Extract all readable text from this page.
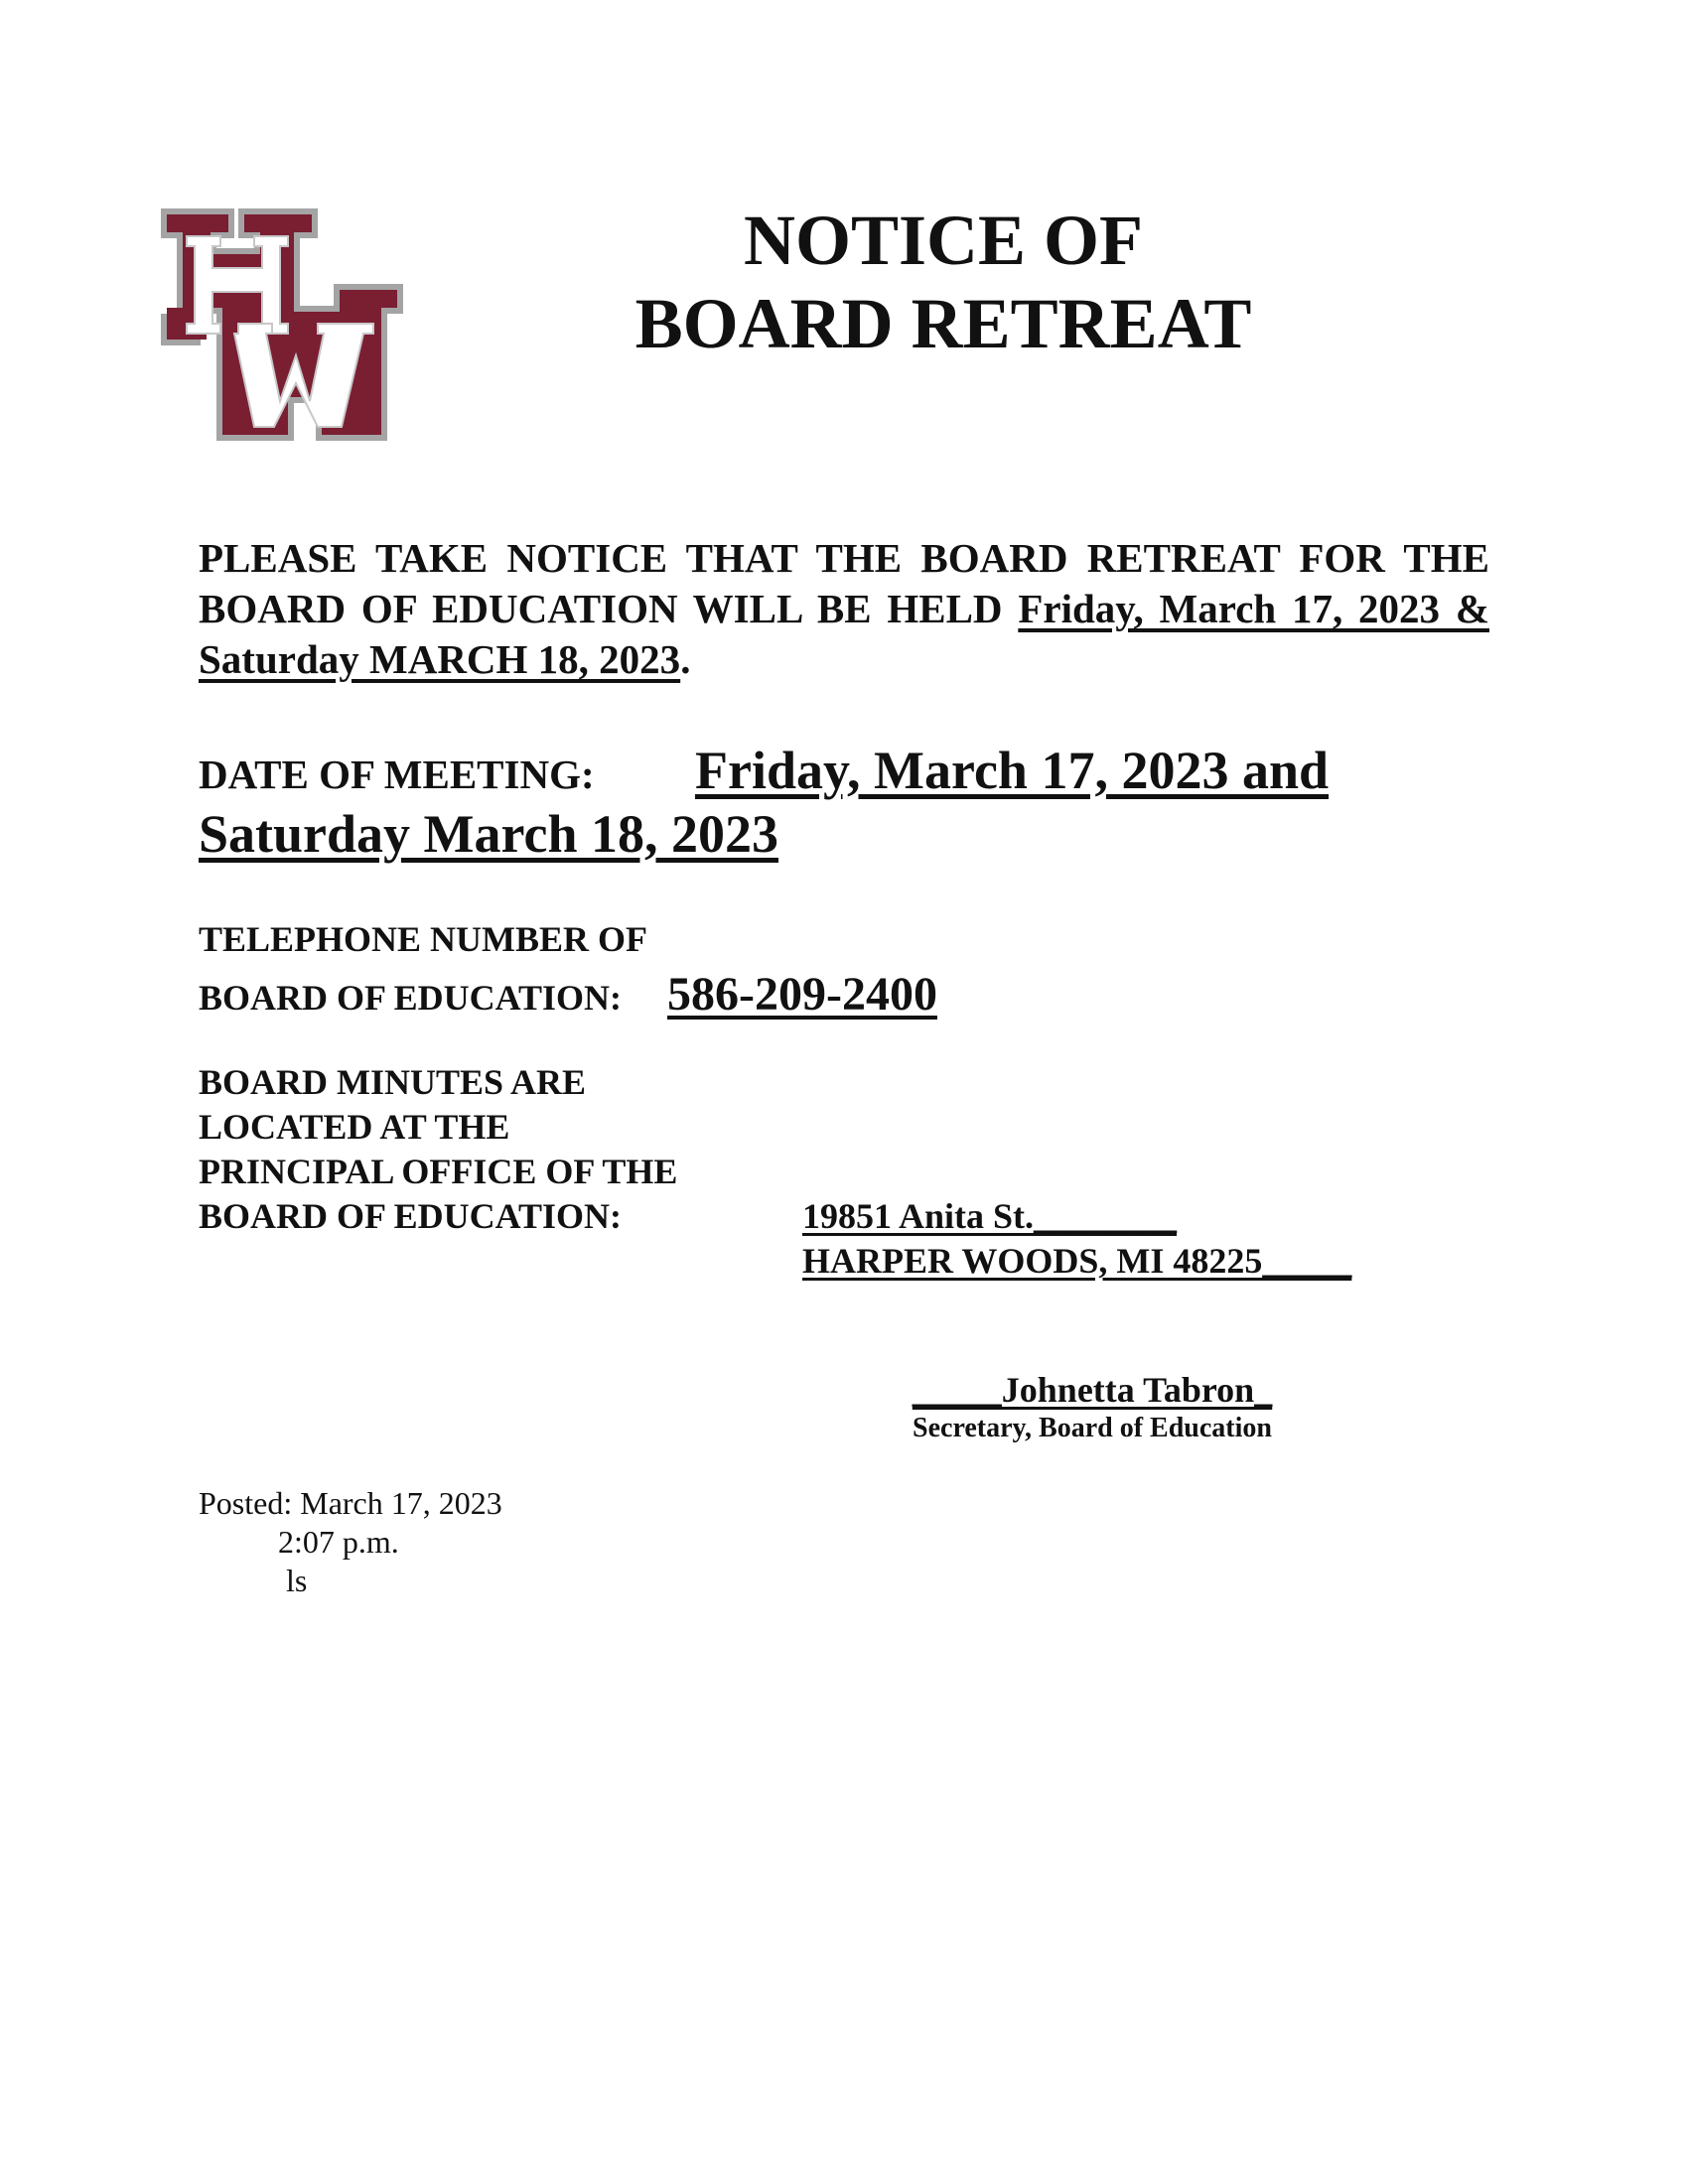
NOTICE OF
BOARD RETREAT
PLEASE TAKE NOTICE THAT THE BOARD RETREAT FOR THE BOARD OF EDUCATION WILL BE HELD Friday, March 17, 2023 & Saturday MARCH 18, 2023.
DATE OF MEETING: Friday, March 17, 2023 and
Saturday March 18, 2023
TELEPHONE NUMBER OF
BOARD OF EDUCATION: 586-209-2400
BOARD MINUTES ARE
LOCATED AT THE
PRINCIPAL OFFICE OF THE
BOARD OF EDUCATION:	19851 Anita St.________
HARPER WOODS, MI 48225_____
_____Johnetta Tabron_
Secretary, Board of Education
Posted: March 17, 2023
2:07 p.m.
ls
